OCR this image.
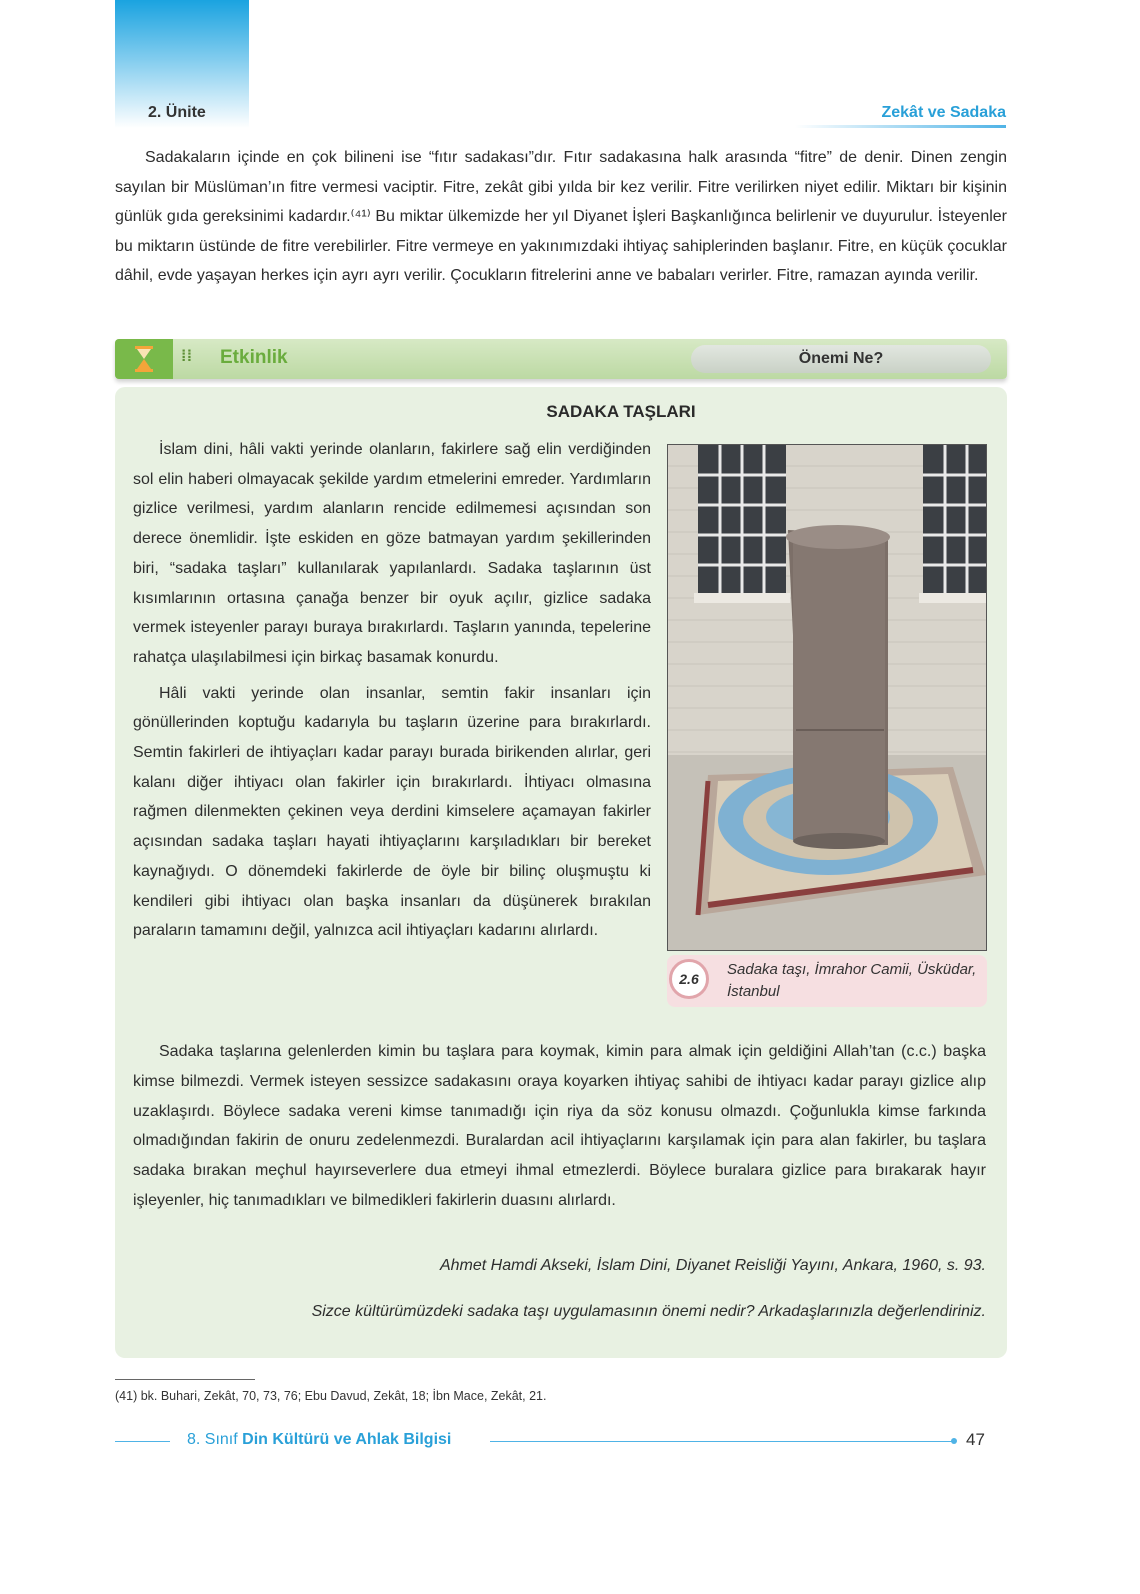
2. Ünite	Zekât ve Sadaka

Sadakaların içinde en çok bilineni ise “fıtır sadakası”dır. Fıtır sadakasına halk arasında “fitre” de denir. Dinen zengin sayılan bir Müslüman’ın fitre vermesi vaciptir. Fitre, zekât gibi yılda bir kez verilir. Fitre verilirken niyet edilir. Miktarı bir kişinin günlük gıda gereksinimi kadardır.⁽⁴¹⁾ Bu miktar ülkemizde her yıl Diyanet İşleri Başkanlığınca belirlenir ve duyurulur. İsteyenler bu miktarın üstünde de fitre verebilirler. Fitre vermeye en yakınımızdaki ihtiyaç sahiplerinden başlanır. Fitre, en küçük çocuklar dâhil, evde yaşayan herkes için ayrı ayrı verilir. Çocukların fitrelerini anne ve babaları verirler. Fitre, ramazan ayında verilir.

⁞ ⁞ Etkinlik	Önemi Ne?
SADAKA TAŞLARI

İslam dini, hâli vakti yerinde olanların, fakirlere sağ elin verdiğinden sol elin haberi olmayacak şekilde yardım etmelerini emreder. Yardımların gizlice verilmesi, yardım alanların rencide edilmemesi açısından son derece önemlidir. İşte eskiden en göze batmayan yardım şekillerinden biri, “sadaka taşları” kullanılarak yapılanlardı. Sadaka taşlarının üst kısımlarının ortasına çanağa benzer bir oyuk açılır, gizlice sadaka vermek isteyenler parayı buraya bırakırlardı. Taşların yanında, tepelerine rahatça ulaşılabilmesi için birkaç basamak konurdu.

Hâli vakti yerinde olan insanlar, semtin fakir insanları için gönüllerinden koptuğu kadarıyla bu taşların üzerine para bırakırlardı. Semtin fakirleri de ihtiyaçları kadar parayı burada birikenden alırlar, geri kalanı diğer ihtiyacı olan fakirler için bırakırlardı. İhtiyacı olmasına rağmen dilenmekten çekinen veya derdini kimselere açamayan fakirler açısından sadaka taşları hayati ihtiyaçlarını karşıladıkları bir bereket kaynağıydı. O dönemdeki fakirlerde de öyle bir bilinç oluşmuştu ki kendileri gibi ihtiyacı olan başka insanları da düşünerek bırakılan paraların tamamını değil, yalnızca acil ihtiyaçları kadarını alırlardı.

2.6
Sadaka taşı, İmrahor Camii, Üsküdar, İstanbul

Sadaka taşlarına gelenlerden kimin bu taşlara para koymak, kimin para almak için geldiğini Allah’tan (c.c.) başka kimse bilmezdi. Vermek isteyen sessizce sadakasını oraya koyarken ihtiyaç sahibi de ihtiyacı kadar parayı gizlice alıp uzaklaşırdı. Böylece sadaka vereni kimse tanımadığı için riya da söz konusu olmazdı. Çoğunlukla kimse farkında olmadığından fakirin de onuru zedelenmezdi. Buralardan acil ihtiyaçlarını karşılamak için para alan fakirler, bu taşlara sadaka bırakan meçhul hayırseverlere dua etmeyi ihmal etmezlerdi. Böylece buralara gizlice para bırakarak hayır işleyenler, hiç tanımadıkları ve bilmedikleri fakirlerin duasını alırlardı.

Ahmet Hamdi Akseki, İslam Dini, Diyanet Reisliği Yayını, Ankara, 1960, s. 93.
Sizce kültürümüzdeki sadaka taşı uygulamasının önemi nedir? Arkadaşlarınızla değerlendiriniz.
(41) bk. Buhari, Zekât, 70, 73, 76; Ebu Davud, Zekât, 18; İbn Mace, Zekât, 21.
8. Sınıf Din Kültürü ve Ahlak Bilgisi	47
